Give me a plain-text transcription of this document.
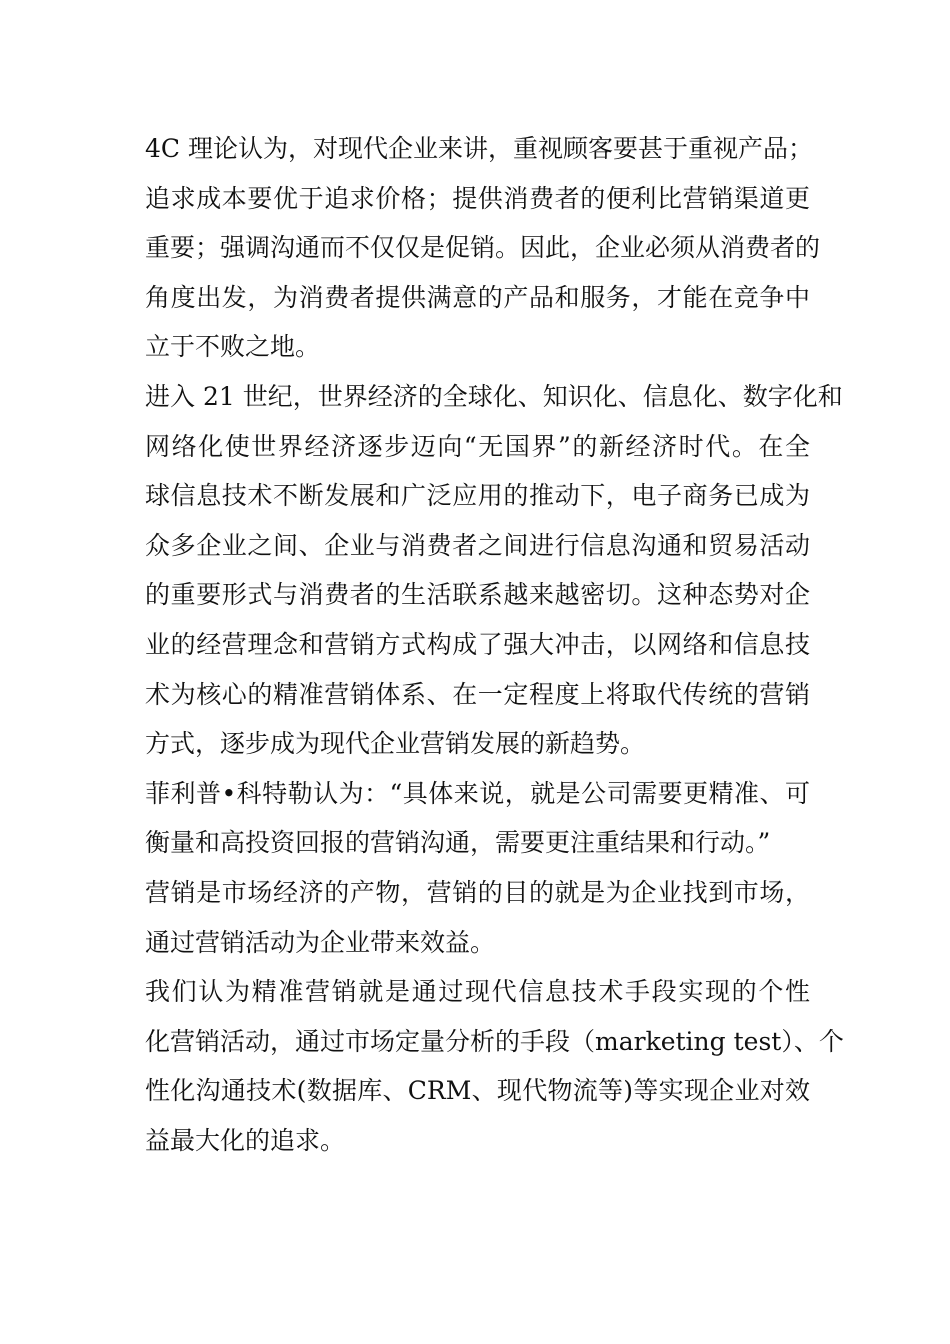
4C 理论认为，对现代企业来讲，重视顾客要甚于重视产品；
追求成本要优于追求价格；提供消费者的便利比营销渠道更
重要；强调沟通而不仅仅是促销。因此，企业必须从消费者的
角度出发，为消费者提供满意的产品和服务，才能在竞争中
立于不败之地。
进入 21 世纪，世界经济的全球化、知识化、信息化、数字化和
网络化使世界经济逐步迈向“无国界”的新经济时代。在全
球信息技术不断发展和广泛应用的推动下，电子商务已成为
众多企业之间、企业与消费者之间进行信息沟通和贸易活动
的重要形式与消费者的生活联系越来越密切。这种态势对企
业的经营理念和营销方式构成了强大冲击，以网络和信息技
术为核心的精准营销体系、在一定程度上将取代传统的营销
方式，逐步成为现代企业营销发展的新趋势。
菲利普•科特勒认为：“具体来说，就是公司需要更精准、可
衡量和高投资回报的营销沟通，需要更注重结果和行动。”
营销是市场经济的产物，营销的目的就是为企业找到市场，
通过营销活动为企业带来效益。
我们认为精准营销就是通过现代信息技术手段实现的个性
化营销活动，通过市场定量分析的手段（marketing test）、个
性化沟通技术(数据库、CRM、现代物流等)等实现企业对效
益最大化的追求。
